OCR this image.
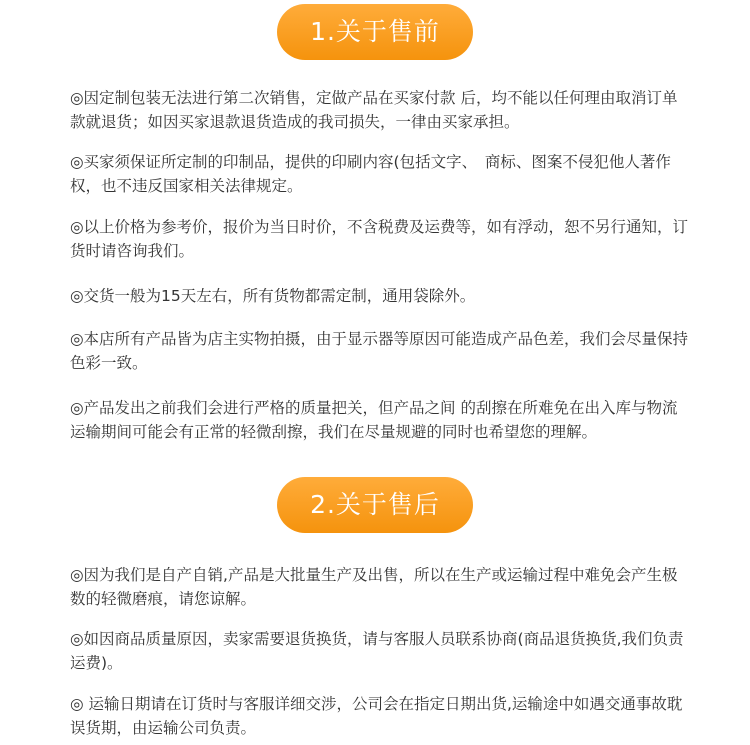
1.关于售前

◎因定制包装无法进行第二次销售，定做产品在买家付款 后，均不能以任何理由取消订单款就退货；如因买家退款退货造成的我司损失，一律由买家承担。

◎买家须保证所定制的印制品，提供的印刷内容(包括文字、　商标、图案不侵犯他人著作权，也不违反国家相关法律规定。

◎以上价格为参考价，报价为当日时价，不含税费及运费等，如有浮动，恕不另行通知，订货时请咨询我们。

◎交货一般为15天左右，所有货物都需定制，通用袋除外。

◎本店所有产品皆为店主实物拍摄，由于显示器等原因可能造成产品色差，我们会尽量保持色彩一致。

◎产品发出之前我们会进行严格的质量把关，但产品之间 的刮擦在所难免在出入库与物流运输期间可能会有正常的轻微刮擦，我们在尽量规避的同时也希望您的理解。

2.关于售后

◎因为我们是自产自销,产品是大批量生产及出售，所以在生产或运输过程中难免会产生极数的轻微磨痕，请您谅解。

◎如因商品质量原因，卖家需要退货换货，请与客服人员联系协商(商品退货换货,我们负责运费)。

◎ 运输日期请在订货时与客服详细交涉，公司会在指定日期出货,运输途中如遇交通事故耽误货期，由运输公司负责。
